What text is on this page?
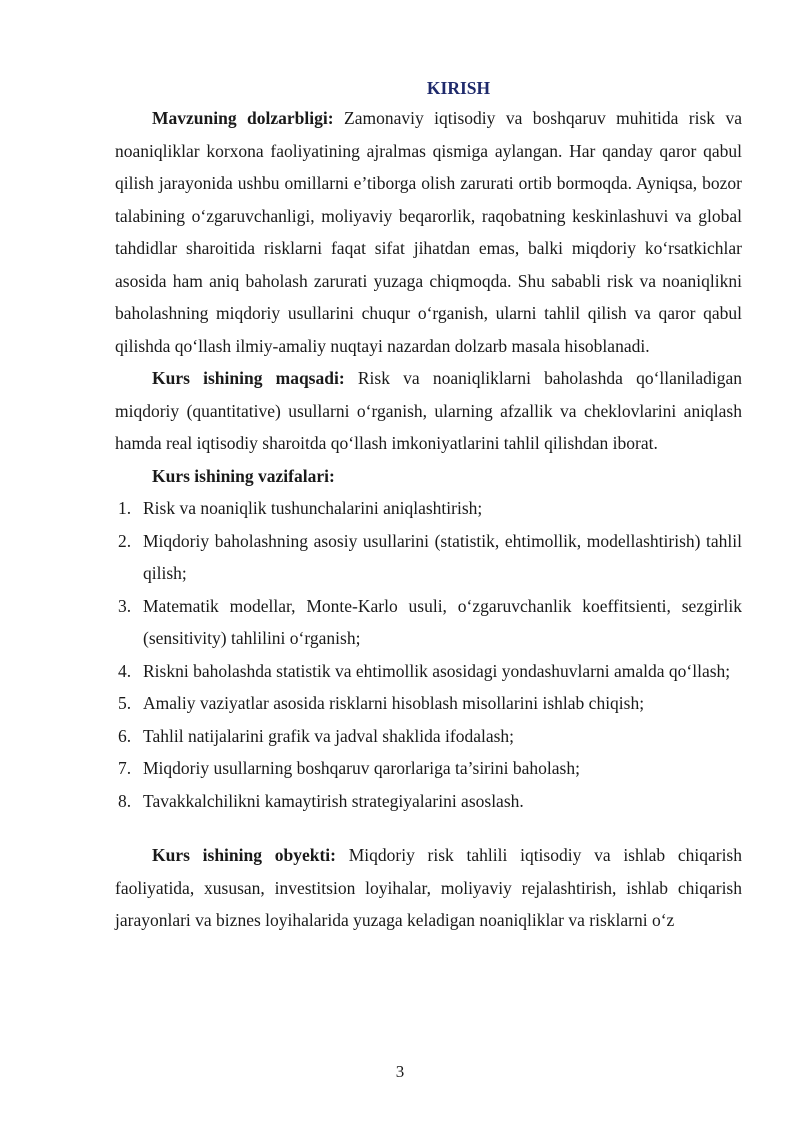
KIRISH

Mavzuning dolzarbligi: Zamonaviy iqtisodiy va boshqaruv muhitida risk va noaniqliklar korxona faoliyatining ajralmas qismiga aylangan. Har qanday qaror qabul qilish jarayonida ushbu omillarni e’tiborga olish zarurati ortib bormoqda. Ayniqsa, bozor talabining o‘zgaruvchanligi, moliyaviy beqarorlik, raqobatning keskinlashuvi va global tahdidlar sharoitida risklarni faqat sifat jihatdan emas, balki miqdoriy ko‘rsatkichlar asosida ham aniq baholash zarurati yuzaga chiqmoqda. Shu sababli risk va noaniqlikni baholashning miqdoriy usullarini chuqur o‘rganish, ularni tahlil qilish va qaror qabul qilishda qo‘llash ilmiy-amaliy nuqtayi nazardan dolzarb masala hisoblanadi.

Kurs ishining maqsadi: Risk va noaniqliklarni baholashda qo‘llaniladigan miqdoriy (quantitative) usullarni o‘rganish, ularning afzallik va cheklovlarini aniqlash hamda real iqtisodiy sharoitda qo‘llash imkoniyatlarini tahlil qilishdan iborat.

Kurs ishining vazifalari:
1. Risk va noaniqlik tushunchalarini aniqlashtirish;
2. Miqdoriy baholashning asosiy usullarini (statistik, ehtimollik, modellashtirish) tahlil qilish;
3. Matematik modellar, Monte-Karlo usuli, o‘zgaruvchanlik koeffitsienti, sezgirlik (sensitivity) tahlilini o‘rganish;
4. Riskni baholashda statistik va ehtimollik asosidagi yondashuvlarni amalda qo‘llash;
5. Amaliy vaziyatlar asosida risklarni hisoblash misollarini ishlab chiqish;
6. Tahlil natijalarini grafik va jadval shaklida ifodalash;
7. Miqdoriy usullarning boshqaruv qarorlariga ta’sirini baholash;
8. Tavakkalchilikni kamaytirish strategiyalarini asoslash.

Kurs ishining obyekti: Miqdoriy risk tahlili iqtisodiy va ishlab chiqarish faoliyatida, xususan, investitsion loyihalar, moliyaviy rejalashtirish, ishlab chiqarish jarayonlari va biznes loyihalarida yuzaga keladigan noaniqliklar va risklarni o‘z

3
